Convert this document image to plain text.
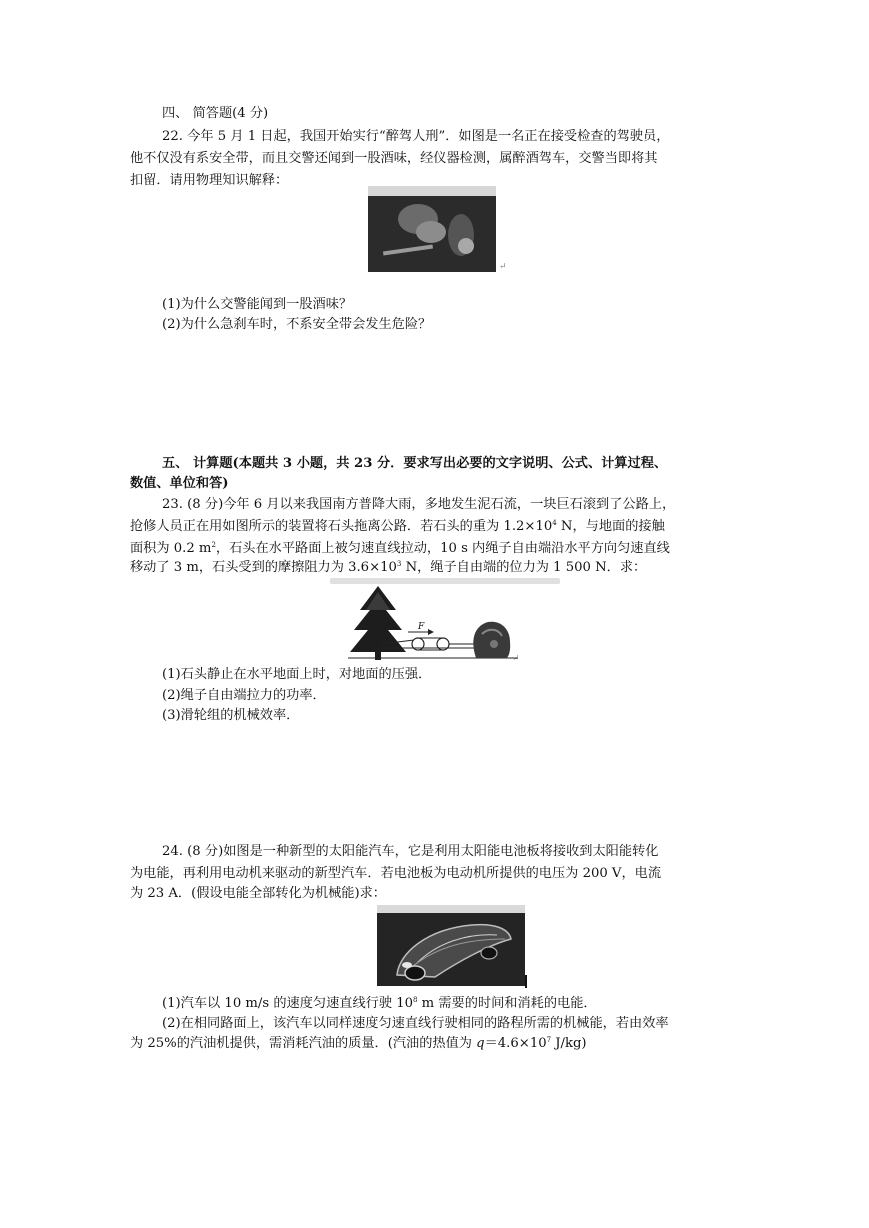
四、 简答题(4 分)
22. 今年 5 月 1 日起，我国开始实行“醉驾人刑”．如图是一名正在接受检查的驾驶员，
他不仅没有系安全带，而且交警还闻到一股酒味，经仪器检测，属醉酒驾车，交警当即将其
扣留．请用物理知识解释：
↵
(1)为什么交警能闻到一股酒味？
(2)为什么急刹车时，不系安全带会发生危险？
五、 计算题(本题共 3 小题，共 23 分．要求写出必要的文字说明、公式、计算过程、
数值、单位和答)
23. (8 分)今年 6 月以来我国南方普降大雨，多地发生泥石流，一块巨石滚到了公路上，
抢修人员正在用如图所示的装置将石头拖离公路．若石头的重为 $1.2\times 10^4$ N，与地面的接触
面积为 0.2 $m^2$，石头在水平路面上被匀速直线拉动，10 s 内绳子自由端沿水平方向匀速直线
移动了 3 m，石头受到的摩擦阻力为 $3.6\times 10^3$ N，绳子自由端的位力为 1 500 N．求：
F
↵
(1)石头静止在水平地面上时，对地面的压强．
(2)绳子自由端拉力的功率．
(3)滑轮组的机械效率．
24. (8 分)如图是一种新型的太阳能汽车，它是利用太阳能电池板将接收到太阳能转化
为电能，再利用电动机来驱动的新型汽车．若电池板为电动机所提供的电压为 200 V，电流
为 23 A．(假设电能全部转化为机械能)求：
(1)汽车以 10 m/s 的速度匀速直线行驶 $10^8$ m 需要的时间和消耗的电能．
(2)在相同路面上，该汽车以同样速度匀速直线行驶相同的路程所需的机械能，若由效率
为 25%的汽油机提供，需消耗汽油的质量．(汽油的热值为 $q=4.6\times 10^7$ J/kg)
